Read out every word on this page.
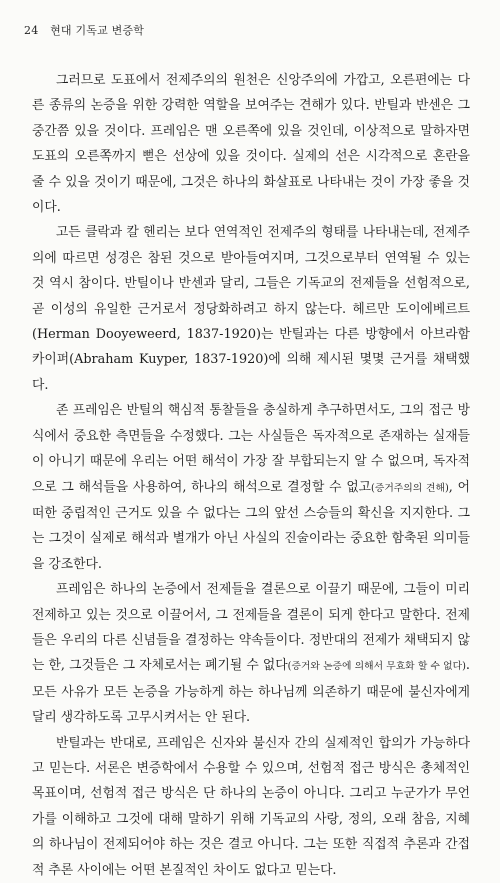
24 현대 기독교 변증학

그러므로 도표에서 전제주의의 원천은 신앙주의에 가깝고, 오른편에는 다른 종류의 논증을 위한 강력한 역할을 보여주는 견해가 있다. 반틸과 반센은 그 중간쯤 있을 것이다. 프레임은 맨 오른쪽에 있을 것인데, 이상적으로 말하자면 도표의 오른쪽까지 뻗은 선상에 있을 것이다. 실제의 선은 시각적으로 혼란을 줄 수 있을 것이기 때문에, 그것은 하나의 화살표로 나타내는 것이 가장 좋을 것이다.

고든 클락과 칼 헨리는 보다 연역적인 전제주의 형태를 나타내는데, 전제주의에 따르면 성경은 참된 것으로 받아들여지며, 그것으로부터 연역될 수 있는 것 역시 참이다. 반틸이나 반센과 달리, 그들은 기독교의 전제들을 선험적으로, 곧 이성의 유일한 근거로서 정당화하려고 하지 않는다. 헤르만 도이에베르트(Herman Dooyeweerd, 1837-1920)는 반틸과는 다른 방향에서 아브라함 카이퍼(Abraham Kuyper, 1837-1920)에 의해 제시된 몇몇 근거를 채택했다.

존 프레임은 반틸의 핵심적 통찰들을 충실하게 추구하면서도, 그의 접근 방식에서 중요한 측면들을 수정했다. 그는 사실들은 독자적으로 존재하는 실재들이 아니기 때문에 우리는 어떤 해석이 가장 잘 부합되는지 알 수 없으며, 독자적으로 그 해석들을 사용하여, 하나의 해석으로 결정할 수 없고(증거주의의 견해), 어떠한 중립적인 근거도 있을 수 없다는 그의 앞선 스승들의 확신을 지지한다. 그는 그것이 실제로 해석과 별개가 아닌 사실의 진술이라는 중요한 함축된 의미들을 강조한다.

프레임은 하나의 논증에서 전제들을 결론으로 이끌기 때문에, 그들이 미리 전제하고 있는 것으로 이끌어서, 그 전제들을 결론이 되게 한다고 말한다. 전제들은 우리의 다른 신념들을 결정하는 약속들이다. 정반대의 전제가 채택되지 않는 한, 그것들은 그 자체로서는 폐기될 수 없다(증거와 논증에 의해서 무효화 할 수 없다). 모든 사유가 모든 논증을 가능하게 하는 하나님께 의존하기 때문에 불신자에게 달리 생각하도록 고무시켜서는 안 된다.

반틸과는 반대로, 프레임은 신자와 불신자 간의 실제적인 합의가 가능하다고 믿는다. 서론은 변증학에서 수용할 수 있으며, 선험적 접근 방식은 총체적인 목표이며, 선험적 접근 방식은 단 하나의 논증이 아니다. 그리고 누군가가 무언가를 이해하고 그것에 대해 말하기 위해 기독교의 사랑, 정의, 오래 참음, 지혜의 하나님이 전제되어야 하는 것은 결코 아니다. 그는 또한 직접적 추론과 간접적 추론 사이에는 어떤 본질적인 차이도 없다고 믿는다.
